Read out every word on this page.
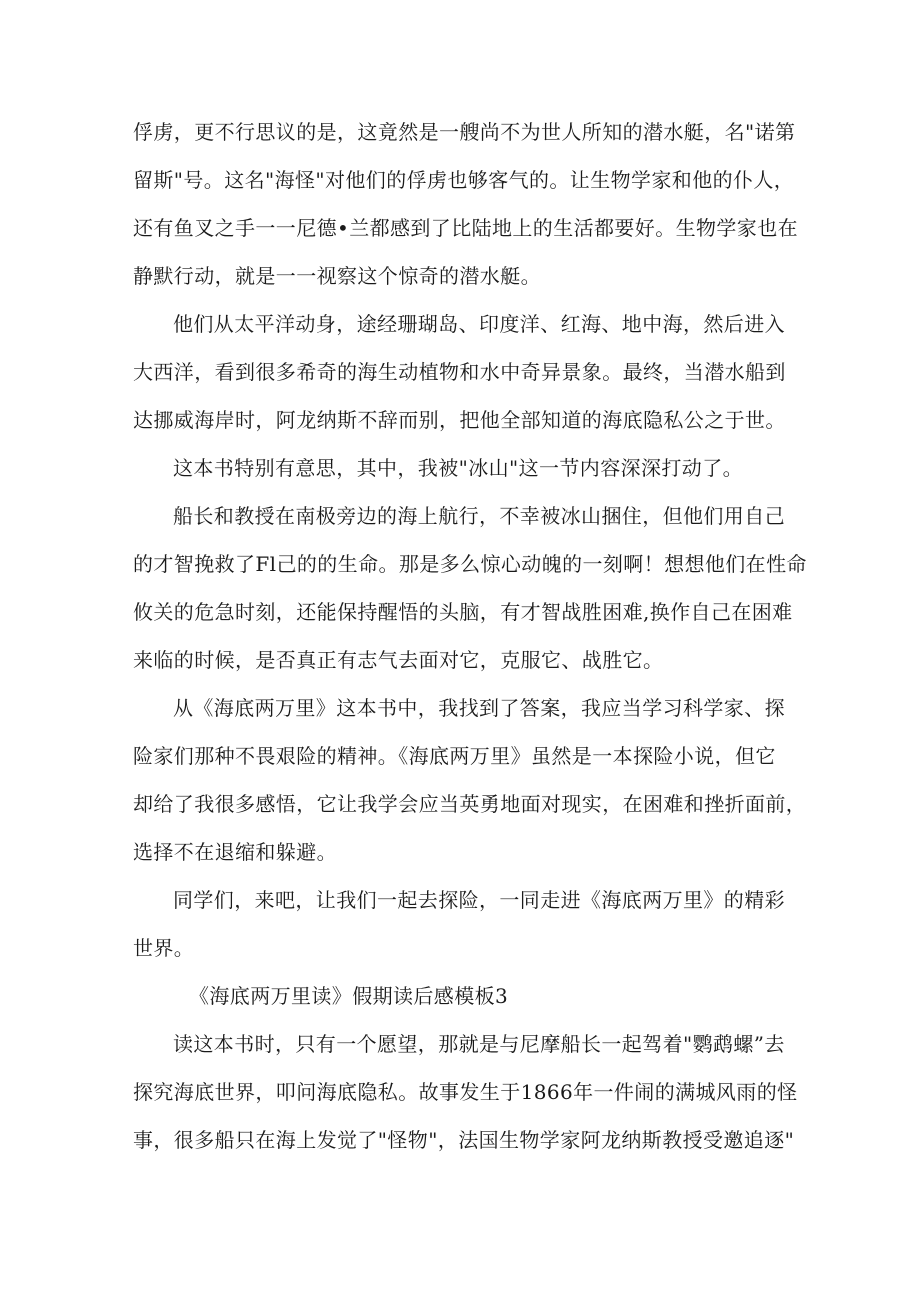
俘虏，更不行思议的是，这竟然是一艘尚不为世人所知的潜水艇，名"诺第
留斯"号。这名"海怪"对他们的俘虏也够客气的。让生物学家和他的仆人，
还有鱼叉之手一一尼德•兰都感到了比陆地上的生活都要好。生物学家也在
静默行动，就是一一视察这个惊奇的潜水艇。
他们从太平洋动身，途经珊瑚岛、印度洋、红海、地中海，然后进入
大西洋，看到很多希奇的海生动植物和水中奇异景象。最终，当潜水船到
达挪威海岸时，阿龙纳斯不辞而别，把他全部知道的海底隐私公之于世。
这本书特别有意思，其中，我被"冰山"这一节内容深深打动了。
船长和教授在南极旁边的海上航行，不幸被冰山捆住，但他们用自己
的才智挽救了Fl己的的生命。那是多么惊心动魄的一刻啊！想想他们在性命
攸关的危急时刻，还能保持醒悟的头脑，有才智战胜困难,换作自己在困难
来临的时候，是否真正有志气去面对它，克服它、战胜它。
从《海底两万里》这本书中，我找到了答案，我应当学习科学家、探
险家们那种不畏艰险的精神。《海底两万里》虽然是一本探险小说，但它
却给了我很多感悟，它让我学会应当英勇地面对现实，在困难和挫折面前，
选择不在退缩和躲避。
同学们，来吧，让我们一起去探险，一同走进《海底两万里》的精彩
世界。
《海底两万里读》假期读后感模板3
读这本书时，只有一个愿望，那就是与尼摩船长一起驾着"鹦鹉螺”去
探究海底世界，叩问海底隐私。故事发生于1866年一件闹的满城风雨的怪
事，很多船只在海上发觉了"怪物"，法国生物学家阿龙纳斯教授受邀追逐"
